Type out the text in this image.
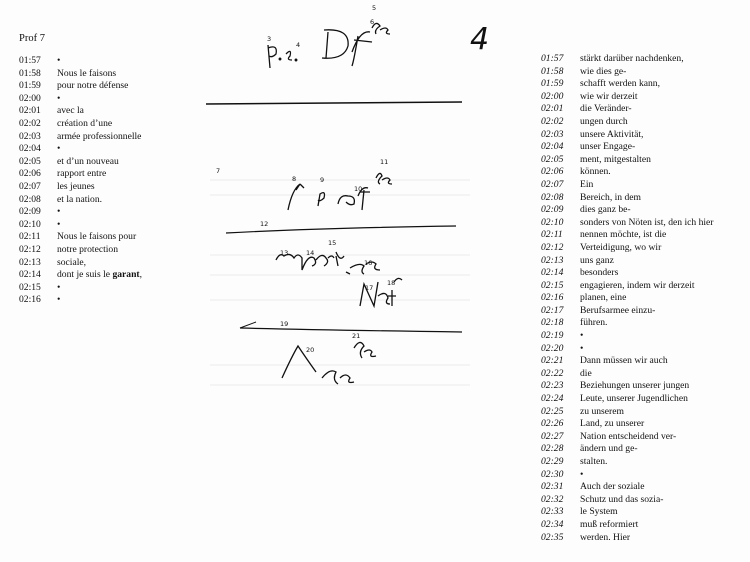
Prof 7	4
01:57	•
01:58	Nous le faisons
01:59	pour notre défense
02:00	•
02:01	avec la
02:02	création d’une
02:03	armée professionnelle
02:04	•
02:05	et d’un nouveau
02:06	rapport entre
02:07	les jeunes
02:08	et la nation.
02:09	•
02:10	•
02:11	Nous le faisons pour
02:12	notre protection
02:13	sociale,
02:14	dont je suis le garant,
02:15	•
02:16	•
01:57	stärkt darüber nachdenken,
01:58	wie dies ge-
01:59	schafft werden kann,
02:00	wie wir derzeit
02:01	die Veränder-
02:02	ungen durch
02:03	unsere Aktivität,
02:04	unser Engage-
02:05	ment, mitgestalten
02:06	können.
02:07	Ein
02:08	Bereich, in dem
02:09	dies ganz be-
02:10	sonders von Nöten ist, den ich hier
02:11	nennen möchte, ist die
02:12	Verteidigung, wo wir
02:13	uns ganz
02:14	besonders
02:15	engagieren, indem wir derzeit
02:16	planen, eine
02:17	Berufsarmee einzu-
02:18	führen.
02:19	•
02:20	•
02:21	Dann müssen wir auch
02:22	die
02:23	Beziehungen unserer jungen
02:24	Leute, unserer Jugendlichen
02:25	zu unserem
02:26	Land, zu unserer
02:27	Nation entscheidend ver-
02:28	ändern und ge-
02:29	stalten.
02:30	•
02:31	Auch der soziale
02:32	Schutz und das sozia-
02:33	le System
02:34	muß reformiert
02:35	werden. Hier
5
6
3
4
7
8	9
10
11
12
13	14
15
16
17
18
19
20
21
